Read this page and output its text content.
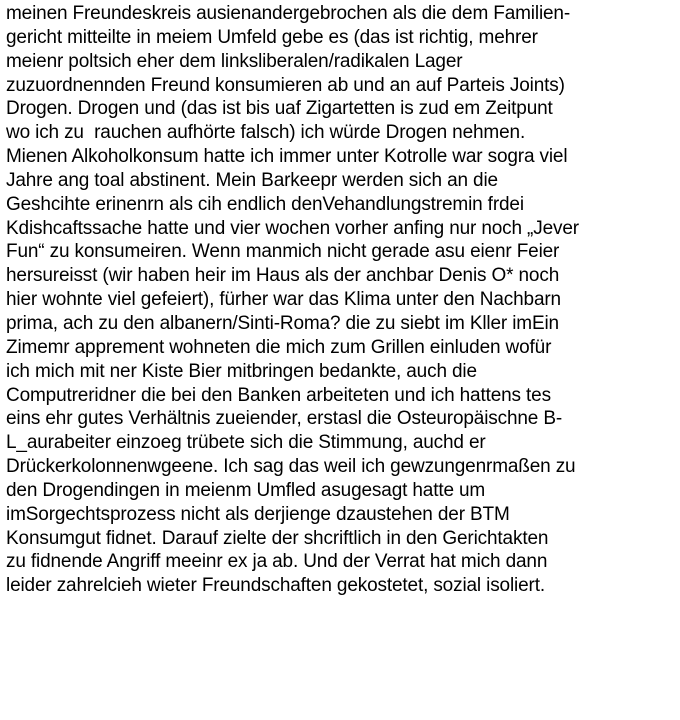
meinen Freundeskreis ausienandergebrochen als die dem Familien-
gericht mitteilte in meiem Umfeld gebe es (das ist richtig, mehrer
meienr poltsich eher dem linksliberalen/radikalen Lager
zuzuordnennden Freund konsumieren ab und an auf Parteis Joints)
Drogen. Drogen und (das ist bis uaf Zigartetten is zud em Zeitpunt
wo ich zu  rauchen aufhörte falsch) ich würde Drogen nehmen.
Mienen Alkoholkonsum hatte ich immer unter Kotrolle war sogra viel
Jahre ang toal abstinent. Mein Barkeepr werden sich an die
Geshcihte erinenrn als cih endlich denVehandlungstremin frdei
Kdishcaftssache hatte und vier wochen vorher anfing nur noch „Jever
Fun“ zu konsumeiren. Wenn manmich nicht gerade asu eienr Feier
hersureisst (wir haben heir im Haus als der anchbar Denis O* noch
hier wohnte viel gefeiert), fürher war das Klima unter den Nachbarn
prima, ach zu den albanern/Sinti-Roma? die zu siebt im Kller imEin
Zimemr apprement wohneten die mich zum Grillen einluden wofür
ich mich mit ner Kiste Bier mitbringen bedankte, auch die
Computreridner die bei den Banken arbeiteten und ich hattens tes
eins ehr gutes Verhältnis zueiender, erstasl die Osteuropäischne B-
L_aurabeiter einzoeg trübete sich die Stimmung, auchd er
Drückerkolonnenwgeene. Ich sag das weil ich gewzungenrmaßen zu
den Drogendingen in meienm Umfled asugesagt hatte um
imSorgechtsprozess nicht als derjienge dzaustehen der BTM
Konsumgut fidnet. Darauf zielte der shcriftlich in den Gerichtakten
zu fidnende Angriff meeinr ex ja ab. Und der Verrat hat mich dann
leider zahrelcieh wieter Freundschaften gekostetet, sozial isoliert.
